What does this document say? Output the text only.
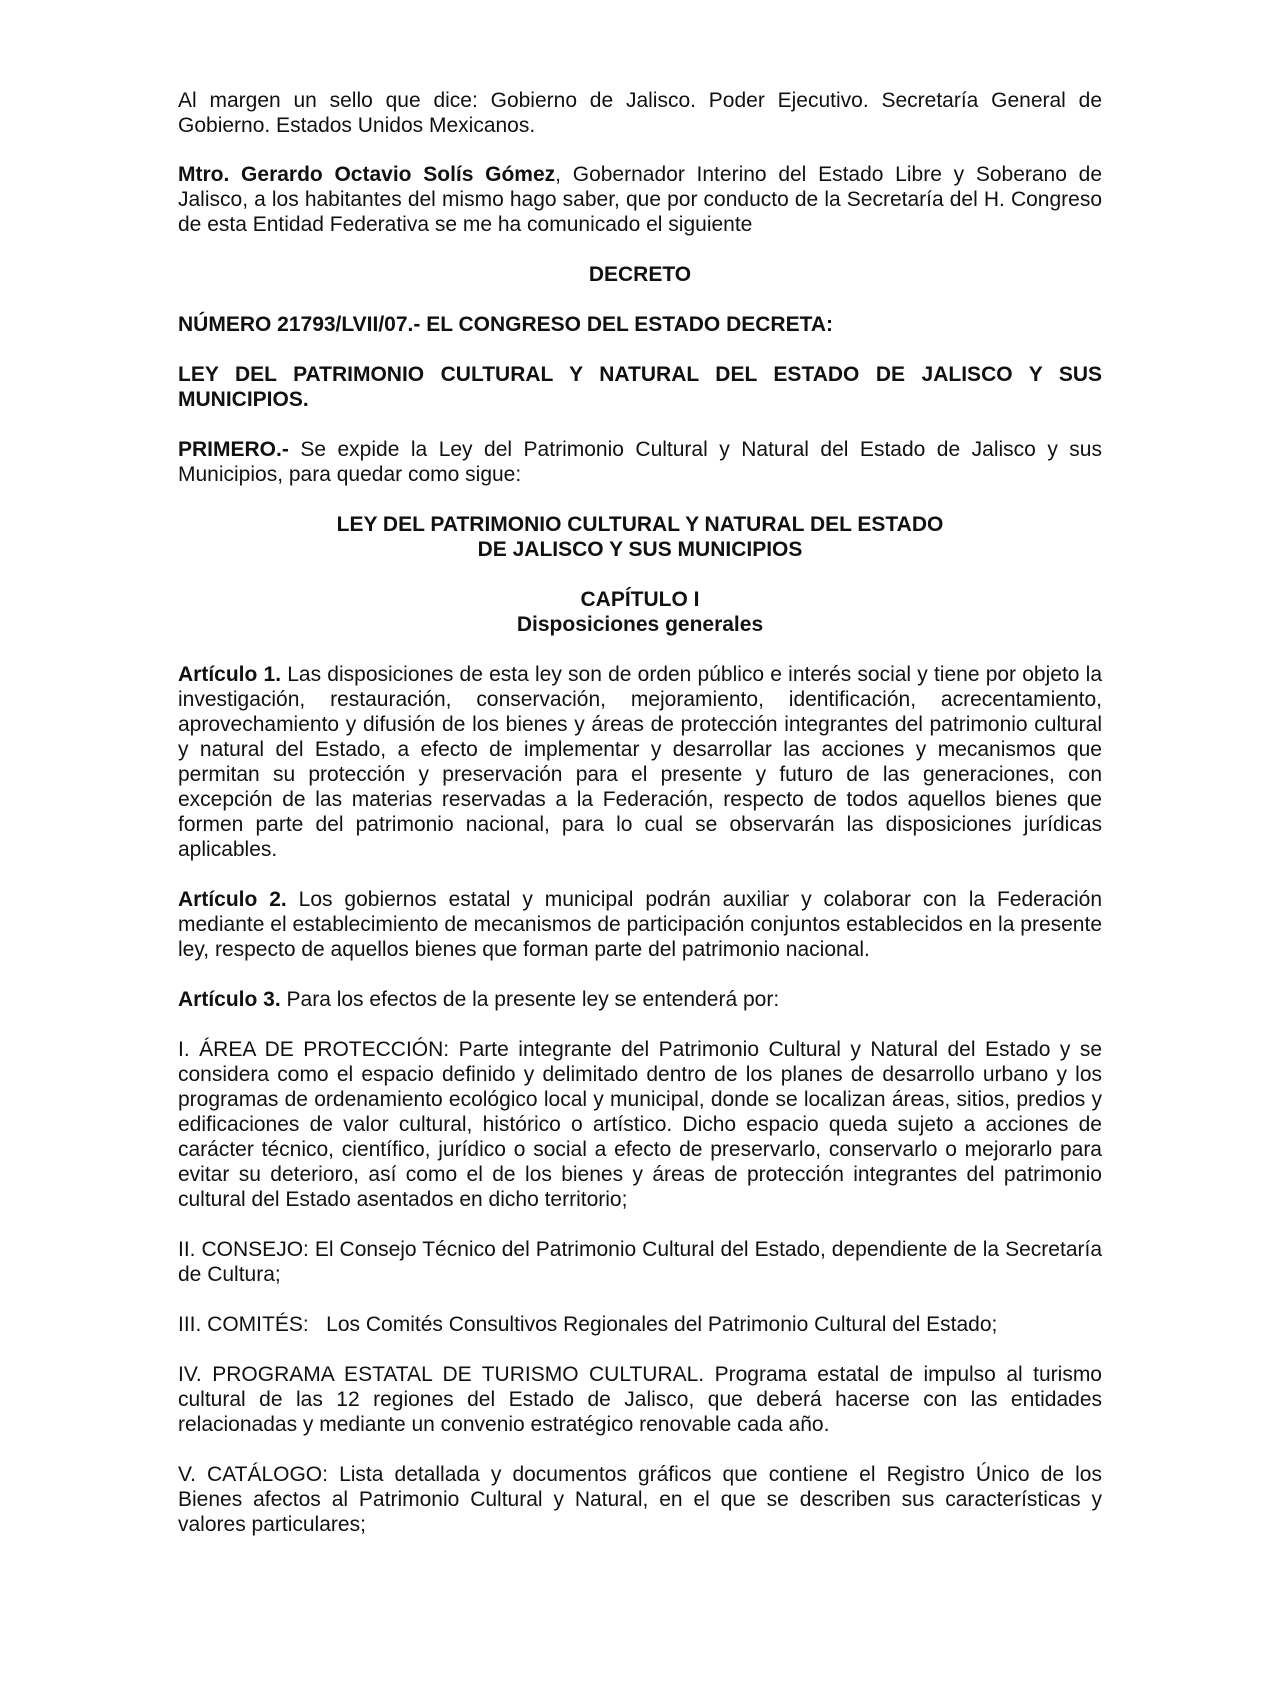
Al margen un sello que dice: Gobierno de Jalisco. Poder Ejecutivo. Secretaría General de Gobierno. Estados Unidos Mexicanos.

Mtro. Gerardo Octavio Solís Gómez, Gobernador Interino del Estado Libre y Soberano de Jalisco, a los habitantes del mismo hago saber, que por conducto de la Secretaría del H. Congreso de esta Entidad Federativa se me ha comunicado el siguiente

DECRETO

NÚMERO 21793/LVII/07.- EL CONGRESO DEL ESTADO DECRETA:

LEY DEL PATRIMONIO CULTURAL Y NATURAL DEL ESTADO DE JALISCO Y SUS MUNICIPIOS.

PRIMERO.- Se expide la Ley del Patrimonio Cultural y Natural del Estado de Jalisco y sus Municipios, para quedar como sigue:

LEY DEL PATRIMONIO CULTURAL Y NATURAL DEL ESTADO
DE JALISCO Y SUS MUNICIPIOS
CAPÍTULO I
Disposiciones generales

Artículo 1. Las disposiciones de esta ley son de orden público e interés social y tiene por objeto la investigación, restauración, conservación, mejoramiento, identificación, acrecentamiento, aprovechamiento y difusión de los bienes y áreas de protección integrantes del patrimonio cultural y natural del Estado, a efecto de implementar y desarrollar las acciones y mecanismos que permitan su protección y preservación para el presente y futuro de las generaciones, con excepción de las materias reservadas a la Federación, respecto de todos aquellos bienes que formen parte del patrimonio nacional, para lo cual se observarán las disposiciones jurídicas aplicables.

Artículo 2. Los gobiernos estatal y municipal podrán auxiliar y colaborar con la Federación mediante el establecimiento de mecanismos de participación conjuntos establecidos en la presente ley, respecto de aquellos bienes que forman parte del patrimonio nacional.

Artículo 3. Para los efectos de la presente ley se entenderá por:

I. ÁREA DE PROTECCIÓN: Parte integrante del Patrimonio Cultural y Natural del Estado y se considera como el espacio definido y delimitado dentro de los planes de desarrollo urbano y los programas de ordenamiento ecológico local y municipal, donde se localizan áreas, sitios, predios y edificaciones de valor cultural, histórico o artístico. Dicho espacio queda sujeto a acciones de carácter técnico, científico, jurídico o social a efecto de preservarlo, conservarlo o mejorarlo para evitar su deterioro, así como el de los bienes y áreas de protección integrantes del patrimonio cultural del Estado asentados en dicho territorio;

II. CONSEJO: El Consejo Técnico del Patrimonio Cultural del Estado, dependiente de la Secretaría de Cultura;

III. COMITÉS:   Los Comités Consultivos Regionales del Patrimonio Cultural del Estado;

IV. PROGRAMA ESTATAL DE TURISMO CULTURAL. Programa estatal de impulso al turismo cultural de las 12 regiones del Estado de Jalisco, que deberá hacerse con las entidades relacionadas y mediante un convenio estratégico renovable cada año.

V. CATÁLOGO: Lista detallada y documentos gráficos que contiene el Registro Único de los Bienes afectos al Patrimonio Cultural y Natural, en el que se describen sus características y valores particulares;
